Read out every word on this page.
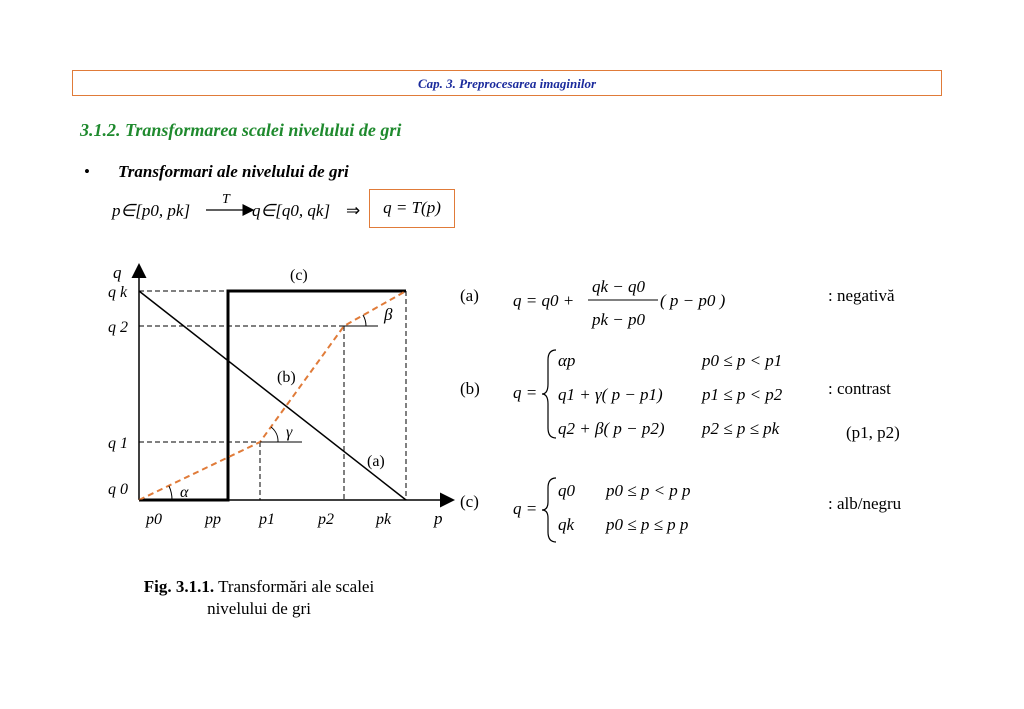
Cap. 3. Preprocesarea imaginilor
3.1.2. Transformarea scalei nivelului de gri
• Transformari ale nivelului de gri
p∈[p0, pk]
T
q∈[q0, qk] ⇒
q
p
α
γ
β
(c)
(b)
(a)
q k
q 2
q 1
q 0
p0	pp p1	p2	pk
(a) q = q0 +
qk − q0
pk − p0
( p − p0 )	: negativă
(b) q =
αp	p0 ≤ p < p1
q1 + γ( p − p1) p1 ≤ p < p2
q2 + β( p − p2) p2 ≤ p ≤ pk
: contrast
(p1, p2)
(c) q =
q0 p0 ≤ p < p p
qk p0 ≤ p ≤ p p
: alb/negru
q = T(p)
Fig. 3.1.1. Transformări ale scalei nivelului de gri
